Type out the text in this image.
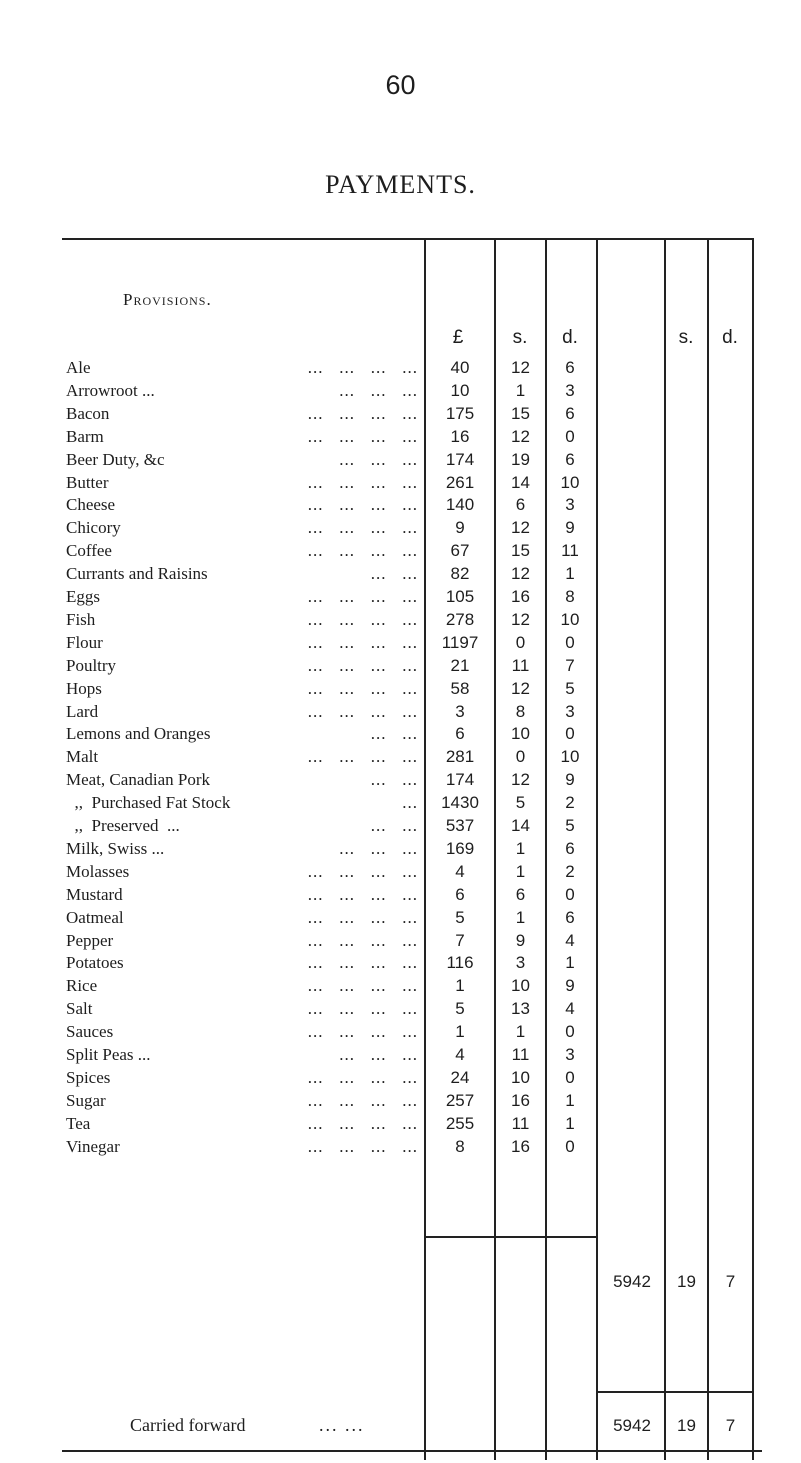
60
PAYMENTS.
Provisions.
£	s.	d.	s.	d.
Ale	...   ...   ...   ...	40	12	6
Arrowroot ...	...   ...   ...	10	1	3
Bacon	...   ...   ...   ...	175	15	6
Barm	...   ...   ...   ...	16	12	0
Beer Duty, &c	...   ...   ...	174	19	6
Butter	...   ...   ...   ...	261	14	10
Cheese	...   ...   ...   ...	140	6	3
Chicory	...   ...   ...   ...	9	12	9
Coffee	...   ...   ...   ...	67	15	11
Currants and Raisins	...   ...	82	12	1
Eggs	...   ...   ...   ...	105	16	8
Fish	...   ...   ...   ...	278	12	10
Flour	...   ...   ...   ...	1197	0	0
Poultry	...   ...   ...   ...	21	11	7
Hops	...   ...   ...   ...	58	12	5
Lard	...   ...   ...   ...	3	8	3
Lemons and Oranges	...   ...	6	10	0
Malt	...   ...   ...   ...	281	0	10
Meat, Canadian Pork	...   ...	174	12	9
,,  Purchased Fat Stock	...	1430	5	2
,,  Preserved  ...	...   ...	537	14	5
Milk, Swiss ...	...   ...   ...	169	1	6
Molasses	...   ...   ...   ...	4	1	2
Mustard	...   ...   ...   ...	6	6	0
Oatmeal	...   ...   ...   ...	5	1	6
Pepper	...   ...   ...   ...	7	9	4
Potatoes	...   ...   ...   ...	116	3	1
Rice	...   ...   ...   ...	1	10	9
Salt	...   ...   ...   ...	5	13	4
Sauces	...   ...   ...   ...	1	1	0
Split Peas ...	...   ...   ...	4	11	3
Spices	...   ...   ...   ...	24	10	0
Sugar	...   ...   ...   ...	257	16	1
Tea	...   ...   ...   ...	255	11	1
Vinegar	...   ...   ...   ...	8	16	0
5942	19	7
Carried forward	... ...	5942	19	7
